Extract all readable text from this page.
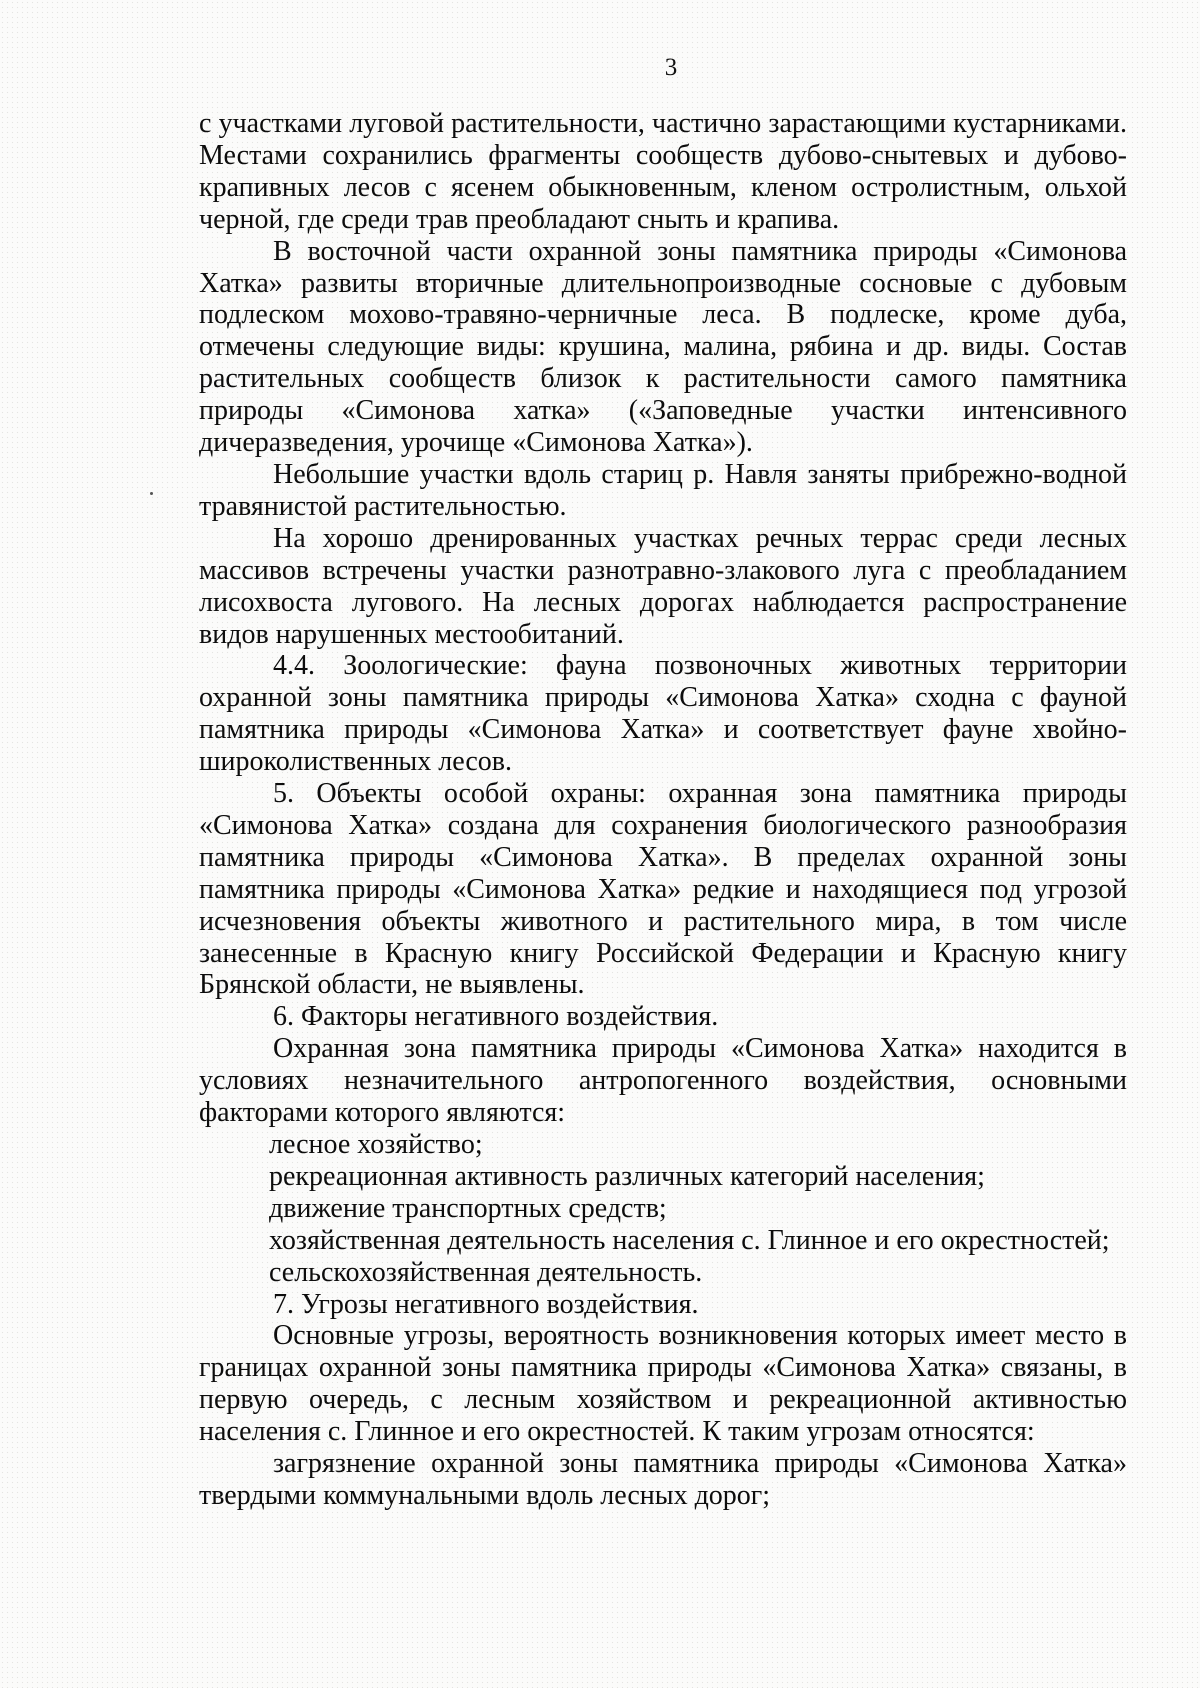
3

с участками луговой растительности, частично зарастающими кустарниками. Местами сохранились фрагменты сообществ дубово-снытевых и дубово-крапивных лесов с ясенем обыкновенным, кленом остролистным, ольхой черной, где среди трав преобладают сныть и крапива.

В восточной части охранной зоны памятника природы «Симонова Хатка» развиты вторичные длительнопроизводные сосновые с дубовым подлеском мохово-травяно-черничные леса. В подлеске, кроме дуба, отмечены следующие виды: крушина, малина, рябина и др. виды. Состав растительных сообществ близок к растительности самого памятника природы «Симонова хатка» («Заповедные участки интенсивного дичеразведения, урочище «Симонова Хатка»).

Небольшие участки вдоль стариц р. Навля заняты прибрежно-водной травянистой растительностью.

На хорошо дренированных участках речных террас среди лесных массивов встречены участки разнотравно-злакового луга с преобладанием лисохвоста лугового. На лесных дорогах наблюдается распространение видов нарушенных местообитаний.

4.4. Зоологические: фауна позвоночных животных территории охранной зоны памятника природы «Симонова Хатка» сходна с фауной памятника природы «Симонова Хатка» и соответствует фауне хвойно-широколиственных лесов.

5. Объекты особой охраны: охранная зона памятника природы «Симонова Хатка» создана для сохранения биологического разнообразия памятника природы «Симонова Хатка». В пределах охранной зоны памятника природы «Симонова Хатка» редкие и находящиеся под угрозой исчезновения объекты животного и растительного мира, в том числе занесенные в Красную книгу Российской Федерации и Красную книгу Брянской области, не выявлены.

6. Факторы негативного воздействия.

Охранная зона памятника природы «Симонова Хатка» находится в условиях незначительного антропогенного воздействия, основными факторами которого являются:

лесное хозяйство;

рекреационная активность различных категорий населения;

движение транспортных средств;

хозяйственная деятельность населения с. Глинное и его окрестностей;

сельскохозяйственная деятельность.

7. Угрозы негативного воздействия.

Основные угрозы, вероятность возникновения которых имеет место в границах охранной зоны памятника природы «Симонова Хатка» связаны, в первую очередь, с лесным хозяйством и рекреационной активностью населения с. Глинное и его окрестностей. К таким угрозам относятся:

загрязнение охранной зоны памятника природы «Симонова Хатка» твердыми коммунальными вдоль лесных дорог;
